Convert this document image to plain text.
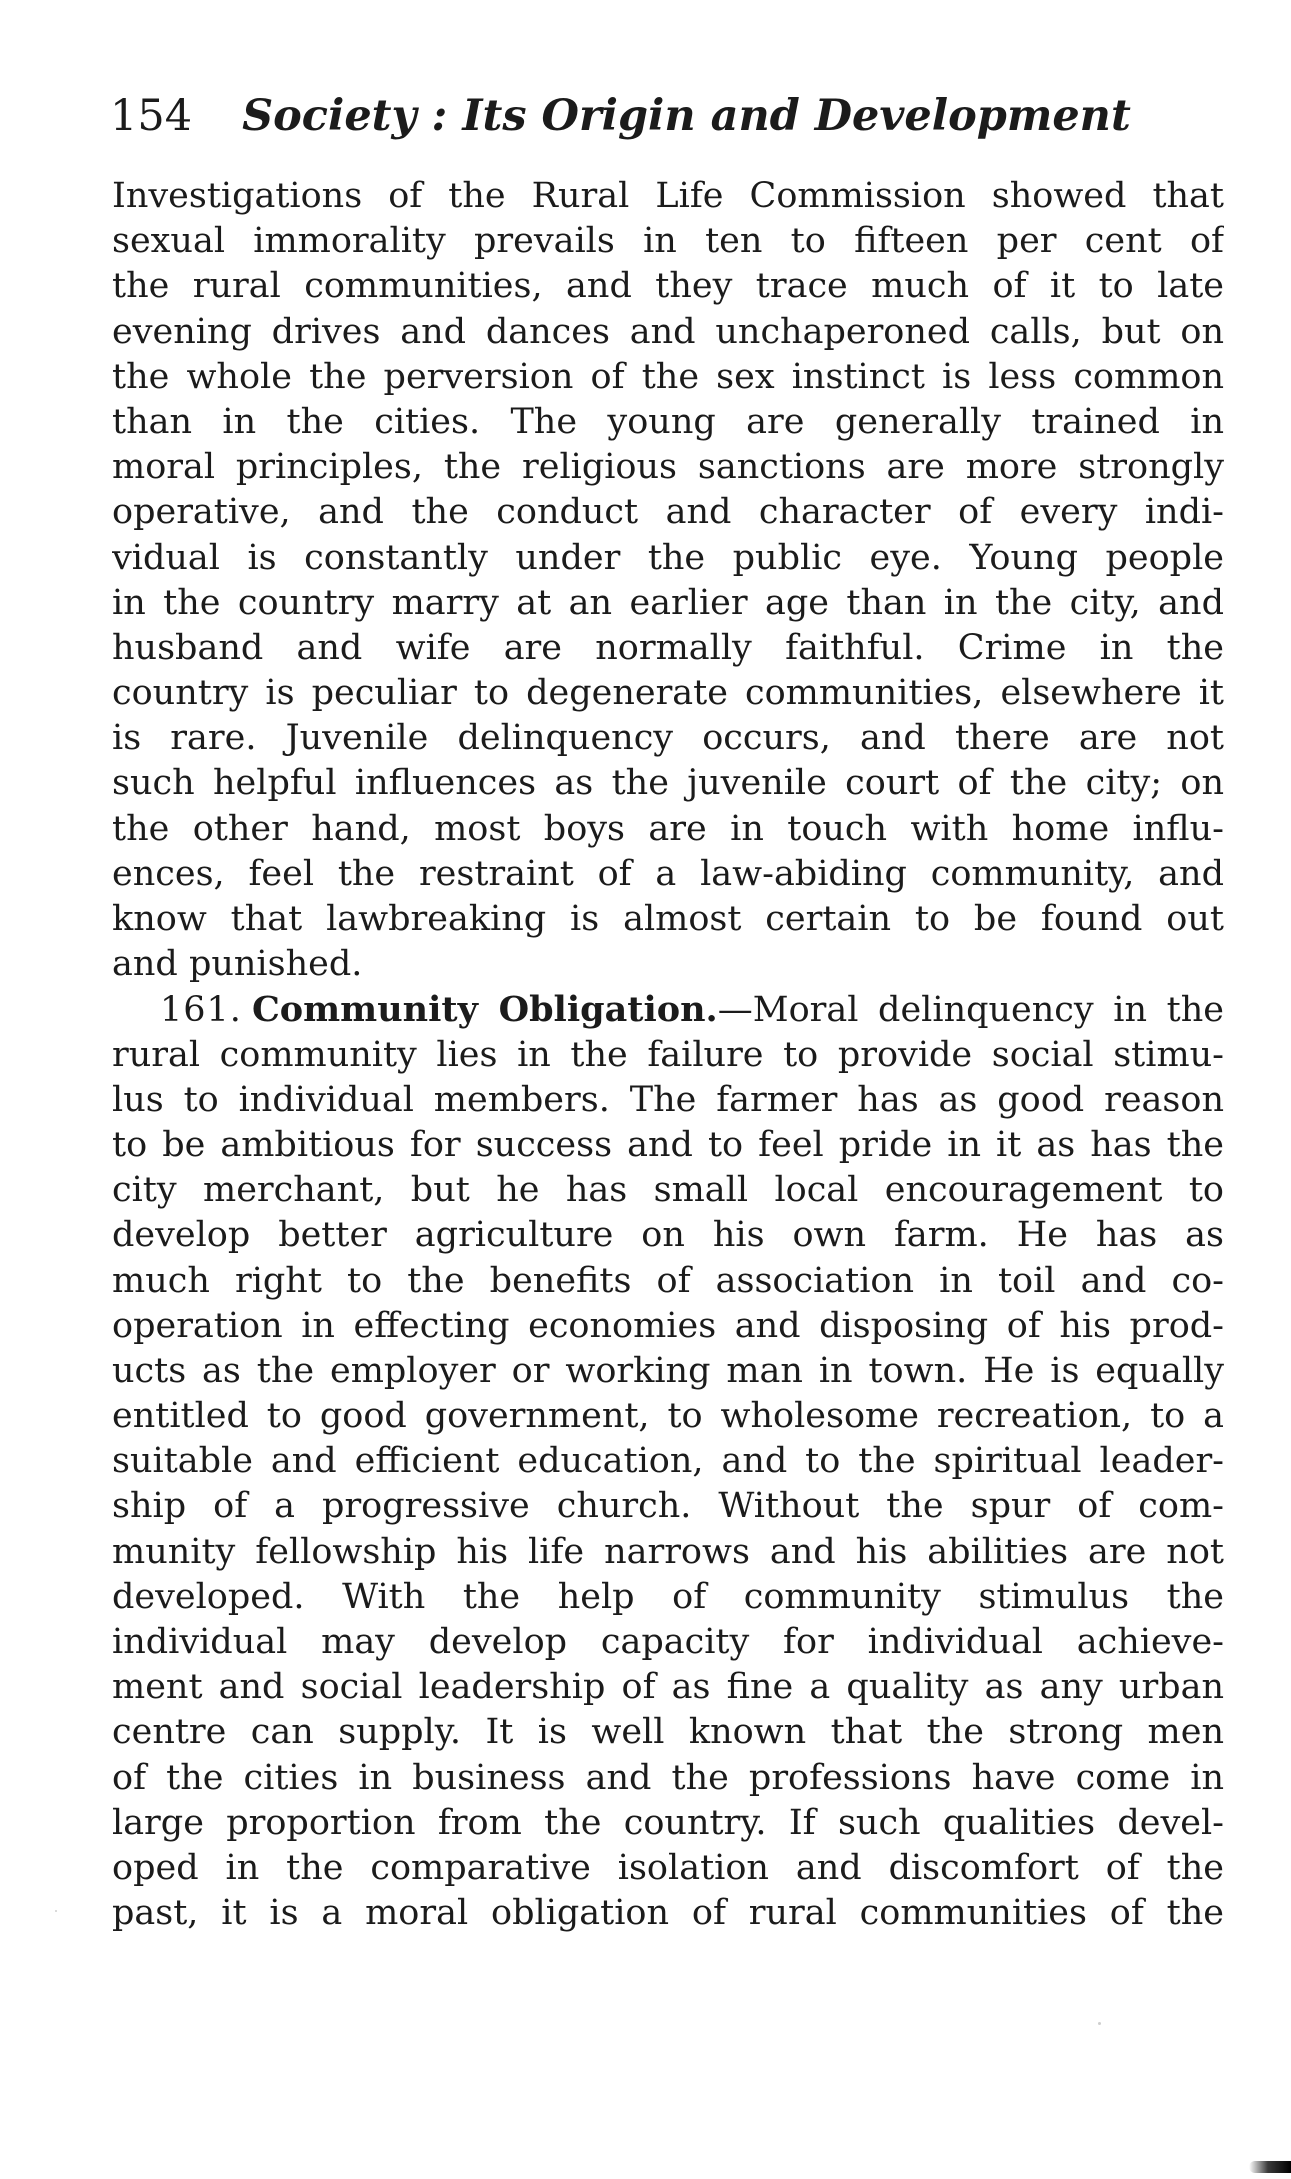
154 Society : Its Origin and Development
Investigations of the Rural Life Commission showed that
sexual immorality prevails in ten to fifteen per cent of
the rural communities, and they trace much of it to late
evening drives and dances and unchaperoned calls, but on
the whole the perversion of the sex instinct is less common
than in the cities. The young are generally trained in
moral principles, the religious sanctions are more strongly
operative, and the conduct and character of every indi-
vidual is constantly under the public eye. Young people
in the country marry at an earlier age than in the city, and
husband and wife are normally faithful. Crime in the
country is peculiar to degenerate communities, elsewhere it
is rare. Juvenile delinquency occurs, and there are not
such helpful influences as the juvenile court of the city; on
the other hand, most boys are in touch with home influ-
ences, feel the restraint of a law-abiding community, and
know that lawbreaking is almost certain to be found out
and punished.
161. Community Obligation.—Moral delinquency in the
rural community lies in the failure to provide social stimu-
lus to individual members. The farmer has as good reason
to be ambitious for success and to feel pride in it as has the
city merchant, but he has small local encouragement to
develop better agriculture on his own farm. He has as
much right to the benefits of association in toil and co-
operation in effecting economies and disposing of his prod-
ucts as the employer or working man in town. He is equally
entitled to good government, to wholesome recreation, to a
suitable and efficient education, and to the spiritual leader-
ship of a progressive church. Without the spur of com-
munity fellowship his life narrows and his abilities are not
developed. With the help of community stimulus the
individual may develop capacity for individual achieve-
ment and social leadership of as fine a quality as any urban
centre can supply. It is well known that the strong men
of the cities in business and the professions have come in
large proportion from the country. If such qualities devel-
oped in the comparative isolation and discomfort of the
past, it is a moral obligation of rural communities of the
